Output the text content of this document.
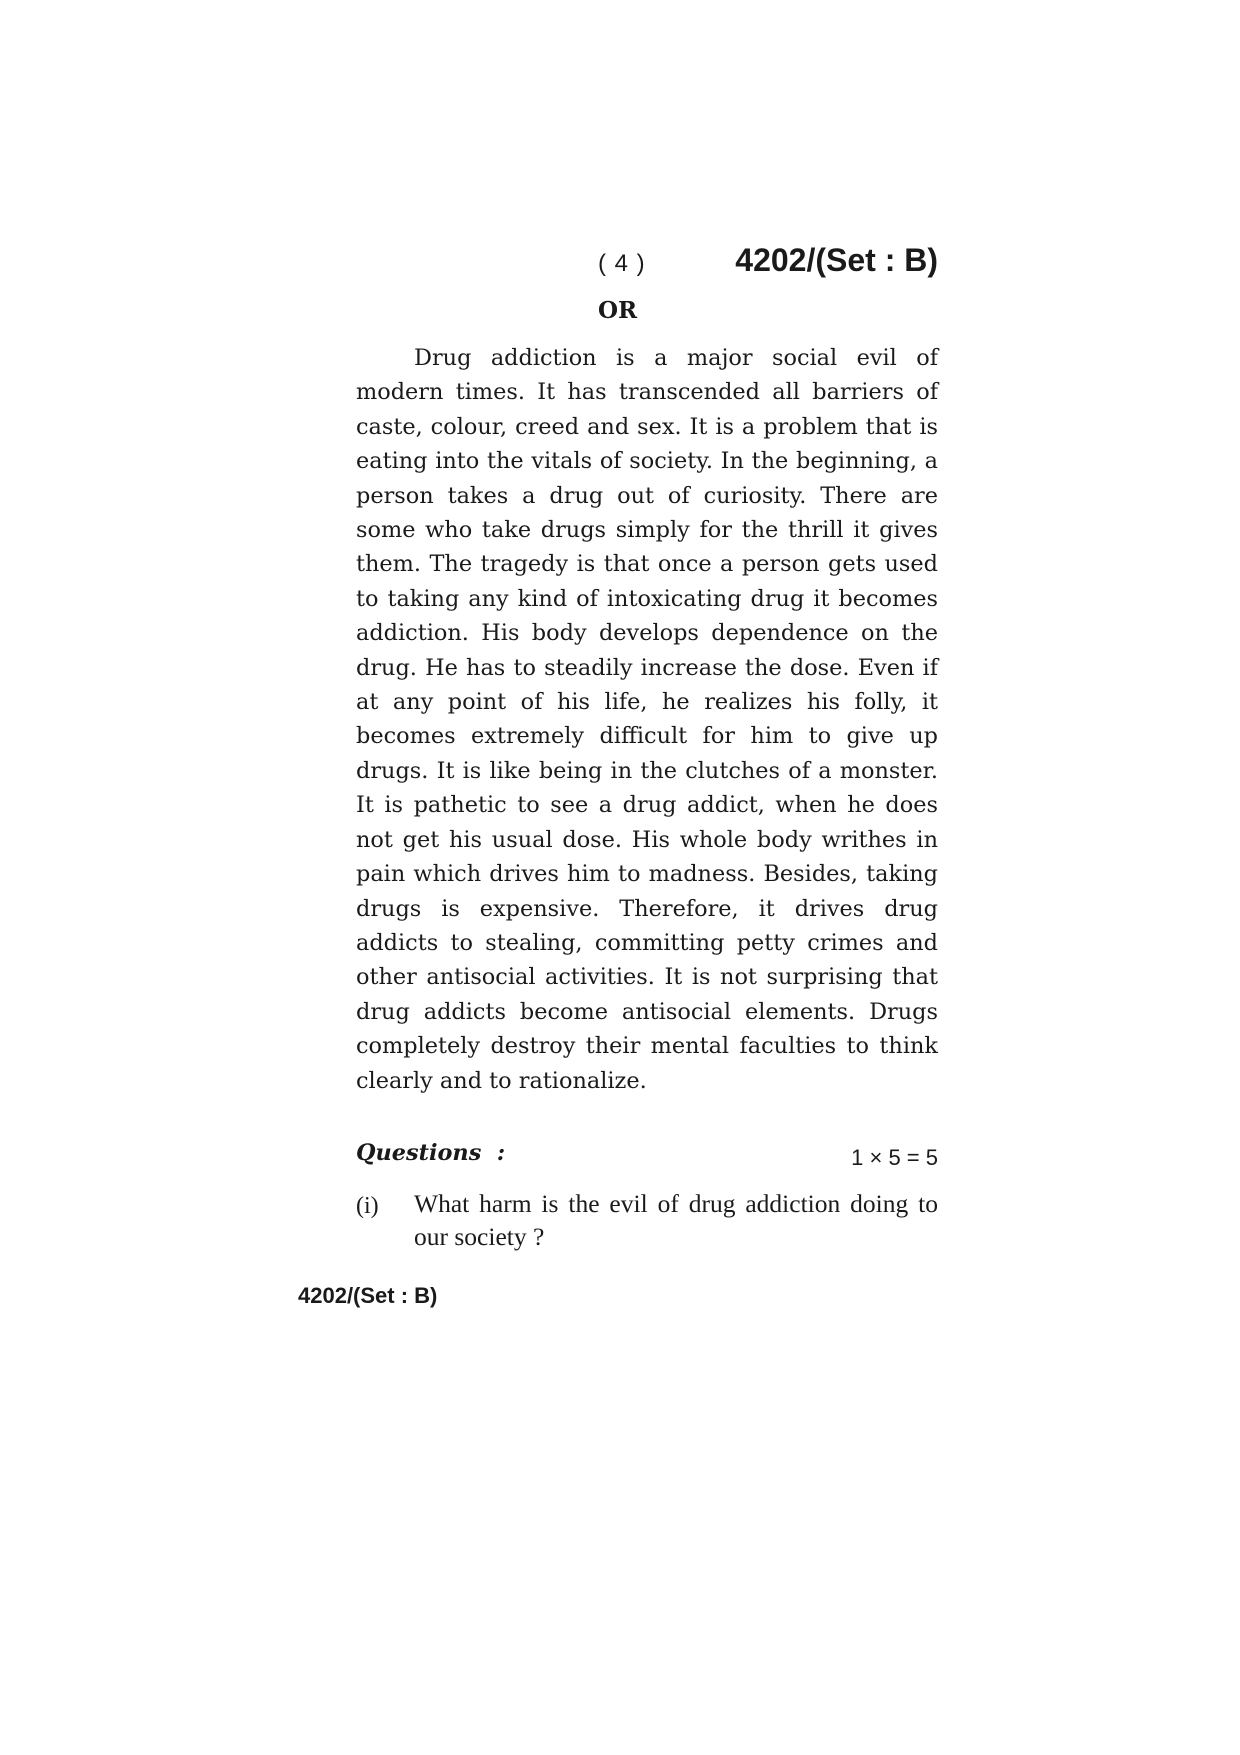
( 4 )	4202/(Set : B)
OR

Drug addiction is a major social evil of modern times. It has transcended all barriers of caste, colour, creed and sex. It is a problem that is eating into the vitals of society. In the beginning, a person takes a drug out of curiosity. There are some who take drugs simply for the thrill it gives them. The tragedy is that once a person gets used to taking any kind of intoxicating drug it becomes addiction. His body develops dependence on the drug. He has to steadily increase the dose. Even if at any point of his life, he realizes his folly, it becomes extremely difficult for him to give up drugs. It is like being in the clutches of a monster. It is pathetic to see a drug addict, when he does not get his usual dose. His whole body writhes in pain which drives him to madness. Besides, taking drugs is expensive. Therefore, it drives drug addicts to stealing, committing petty crimes and other antisocial activities. It is not surprising that drug addicts become antisocial elements. Drugs completely destroy their mental faculties to think clearly and to rationalize.

Questions  :	1 × 5 = 5
(i) What harm is the evil of drug addiction doing to our society ?

4202/(Set : B)
